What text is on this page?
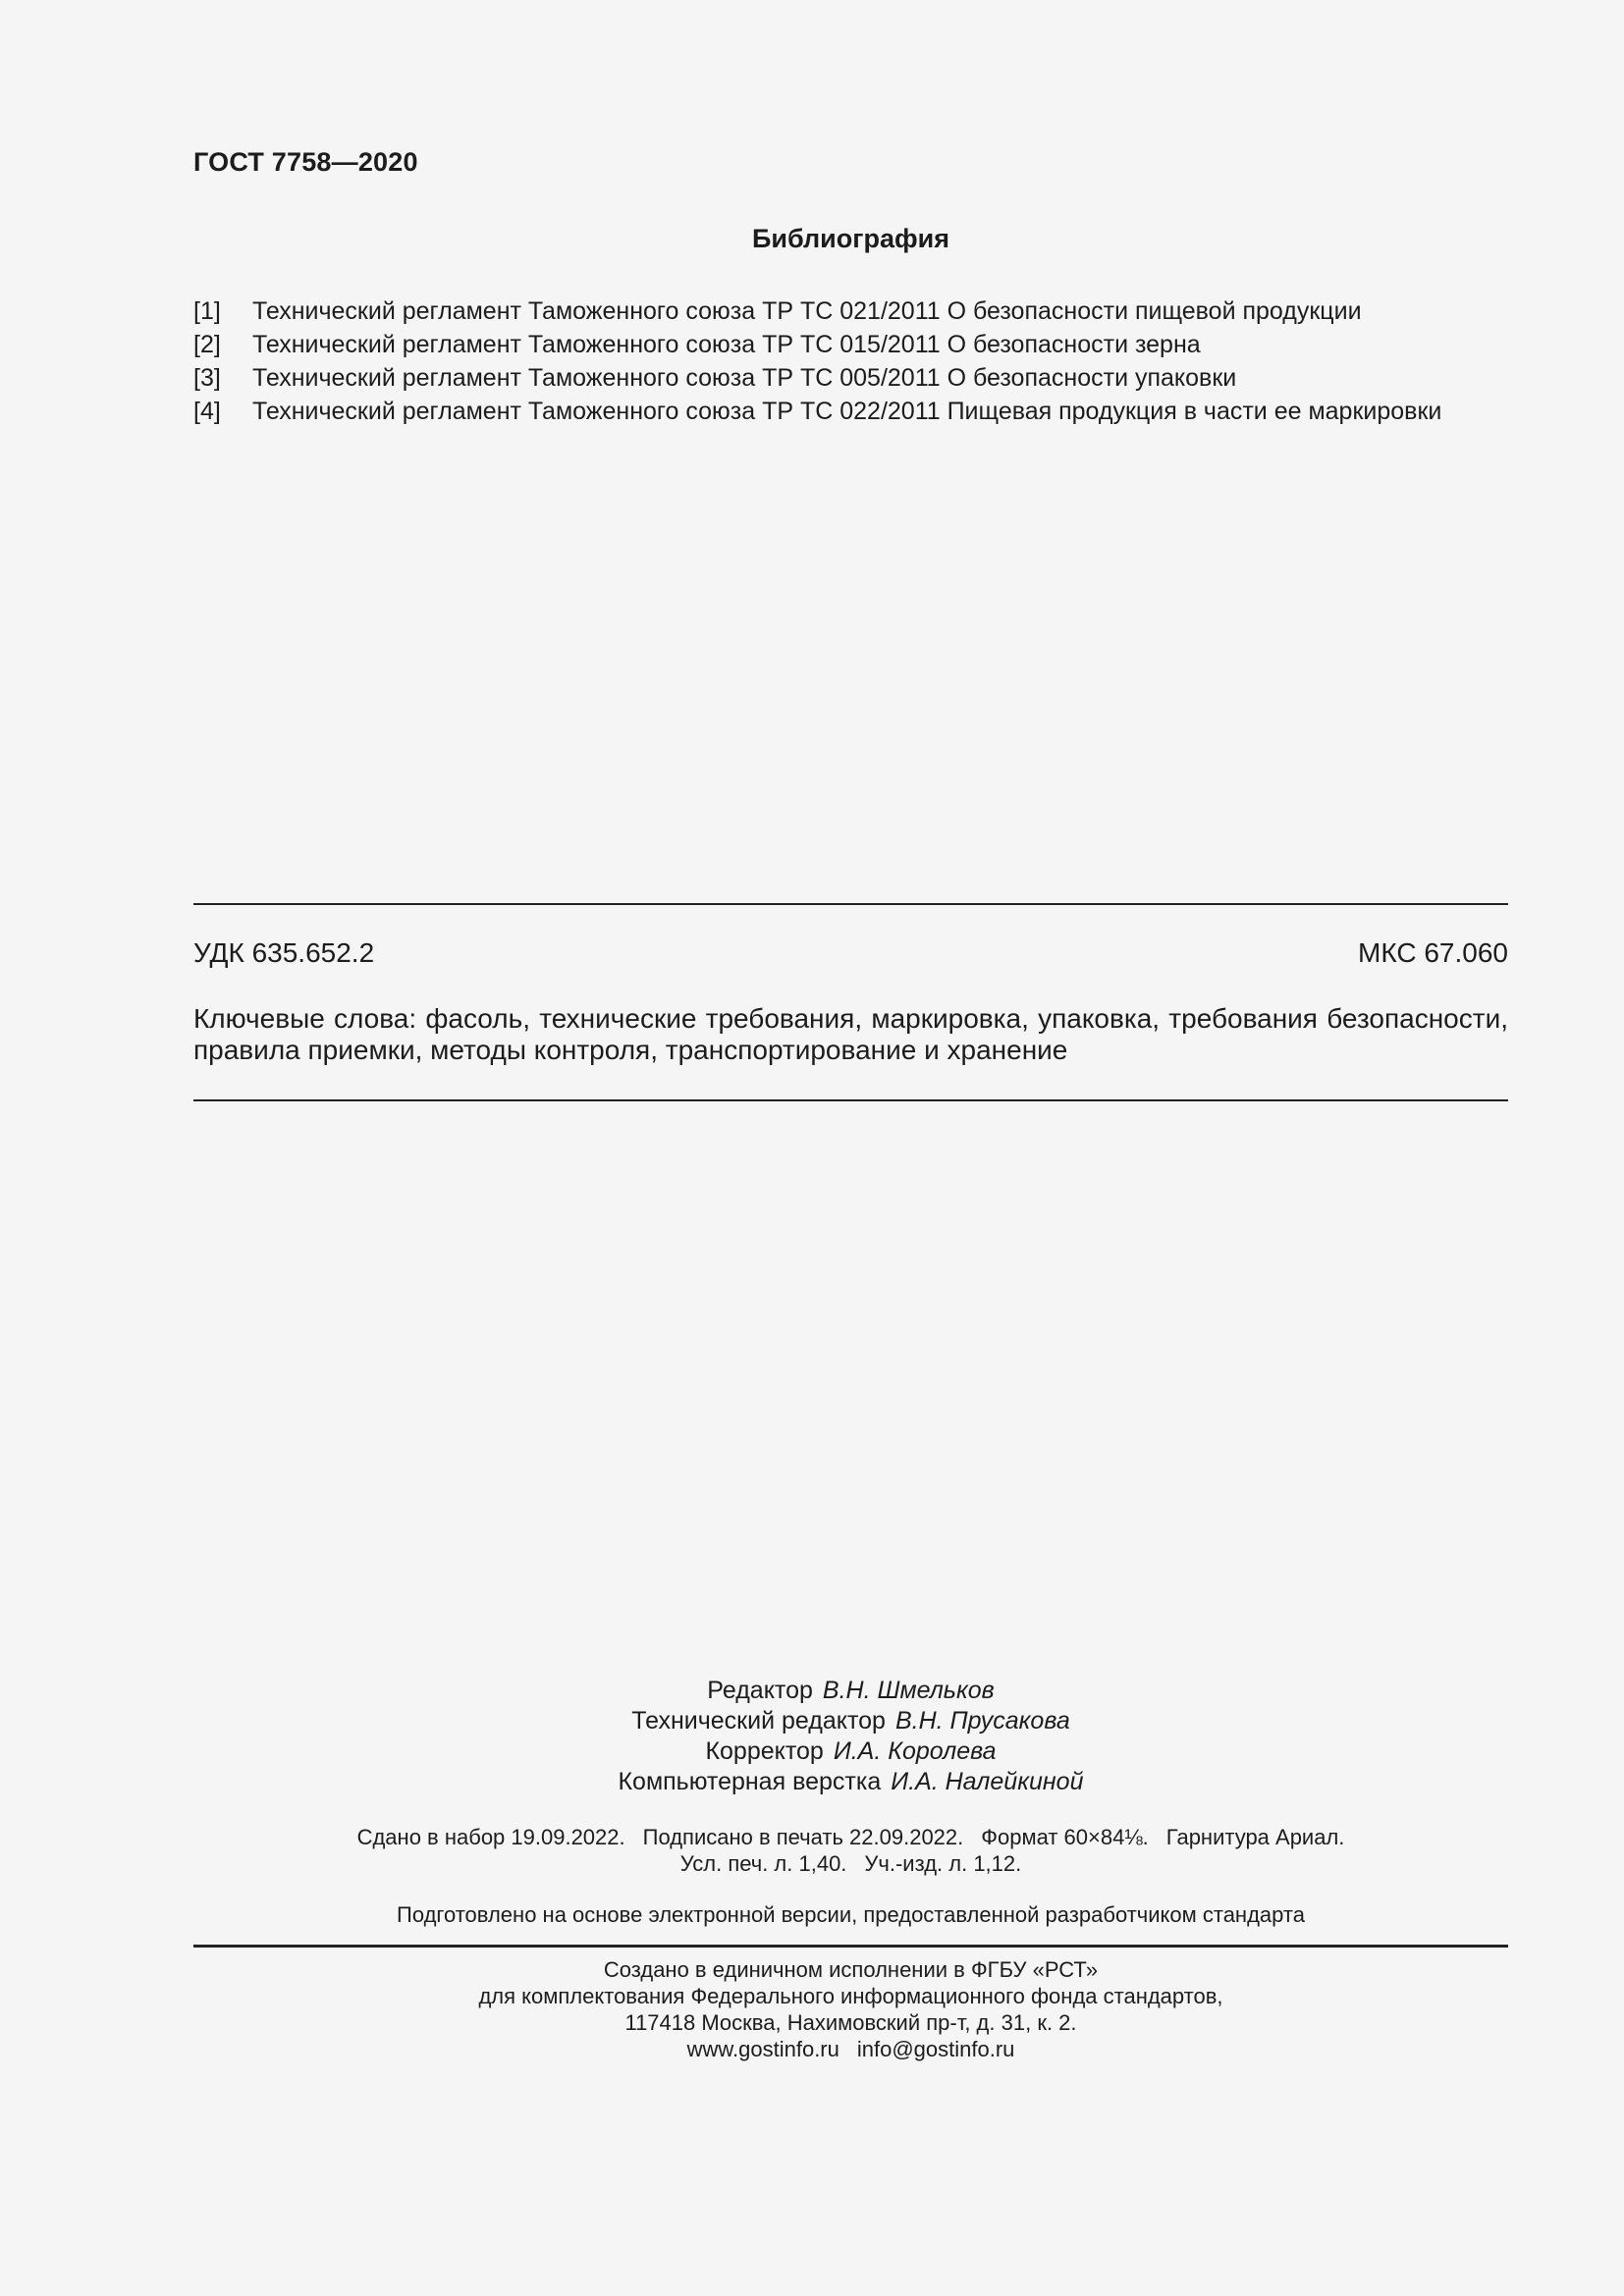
ГОСТ 7758—2020
Библиография
[1]	Технический регламент Таможенного союза ТР ТС 021/2011 О безопасности пищевой продукции
[2]	Технический регламент Таможенного союза ТР ТС 015/2011 О безопасности зерна
[3]	Технический регламент Таможенного союза ТР ТС 005/2011 О безопасности упаковки
[4]	Технический регламент Таможенного союза ТР ТС 022/2011 Пищевая продукция в части ее маркировки
УДК 635.652.2	МКС 67.060
Ключевые слова: фасоль, технические требования, маркировка, упаковка, требования безопасности, правила приемки, методы контроля, транспортирование и хранение
Редактор В.Н. Шмельков
Технический редактор В.Н. Прусакова
Корректор И.А. Королева
Компьютерная верстка И.А. Налейкиной
Сдано в набор 19.09.2022. Подписано в печать 22.09.2022. Формат 60×84⅛. Гарнитура Ариал.
Усл. печ. л. 1,40. Уч.-изд. л. 1,12.
Подготовлено на основе электронной версии, предоставленной разработчиком стандарта
Создано в единичном исполнении в ФГБУ «РСТ»
для комплектования Федерального информационного фонда стандартов,
117418 Москва, Нахимовский пр-т, д. 31, к. 2.
www.gostinfo.ru info@gostinfo.ru
